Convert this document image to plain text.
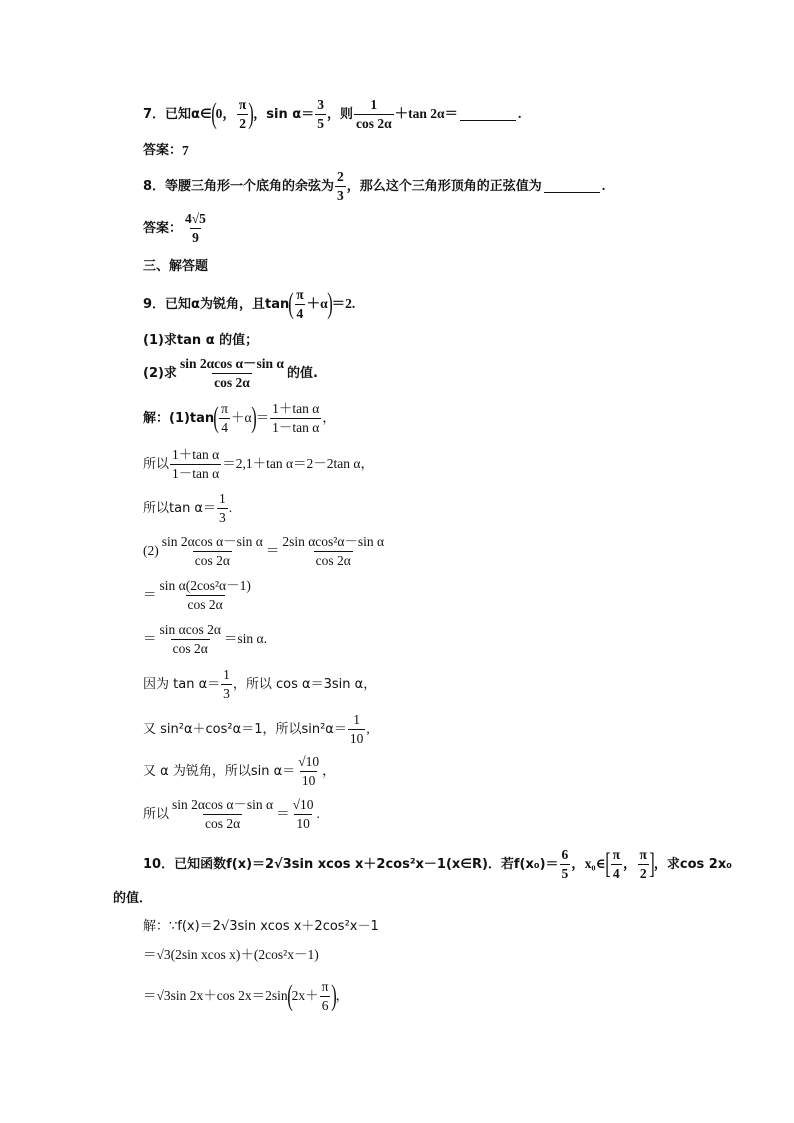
7．已知α∈ ( 0， $\frac{\pi}{2}$ ) ，$\sin \alpha= \frac{3}{5}$ ，则 $\frac{1}{\cos 2\alpha} +\tan$ 2α＝	.
答案： 7
8．等腰三角形一个底角的余弦为 $\frac{2}{3}$ ，那么这个三角形顶角的正弦值为	.
答案： $\frac{4√5}{9}$
三、解答题
9．已知α为锐角，且tan ( $\frac{\pi}{4} +\alpha$ ) ＝2.
(1)求tan α 的值；
(2)求 $\frac{\text{sin 2αcos α－sin α}}{\cos 2\alpha}$ 的值.
解：(1)tan ( $\frac{\pi}{4} +\alpha$ ) ＝ $\frac{\text{1＋tan α}}{\text{1－tan α}}$ ，
所以 $\frac{\text{1＋tan α}}{\text{1－tan α}} =2,1+\tan$ α＝2－2tan α，
所以$\tan \alpha= \frac{1}{3}$ .
$(2) \frac{\text{sin 2αcos α－sin α}}{\cos 2\alpha} = \frac{\text{2sin αcos²α－sin α}}{\cos 2\alpha}$
＝ $\frac{\text{sin α(2cos²α－1)}}{\cos 2\alpha}$
＝ $\frac{\text{sin αcos 2α}}{\cos 2\alpha} =\sin$ α.
因为 $\tan \alpha= \frac{1}{3}$ ，所以 cos α＝3sin α，
又 sin²α＋cos²α＝1，所以$\sin^2\alpha= \frac{1}{10}$ ,
又 α 为锐角，所以$\sin \alpha= \frac{√10}{10}$ ，
所以 $\frac{\text{sin 2αcos α－sin α}}{\cos 2\alpha} = \frac{√10}{10}$ .
10．已知函数f(x)＝2√3sin xcos x＋2cos²x－1(x∈R)．若$f(x_0)= \frac{6}{5}$ ，x₀∈ [ $\frac{\pi}{4}$ ， $\frac{\pi}{2}$ ] ，求cos 2x₀
的值．
解：∵f(x)＝2√3sin xcos x＋2cos²x－1
＝√3(2sin xcos x)＋(2cos²x－1)
＝√3sin 2x＋cos 2x＝2sin ( $2x+ \frac{\pi}{6}$ ) ，
